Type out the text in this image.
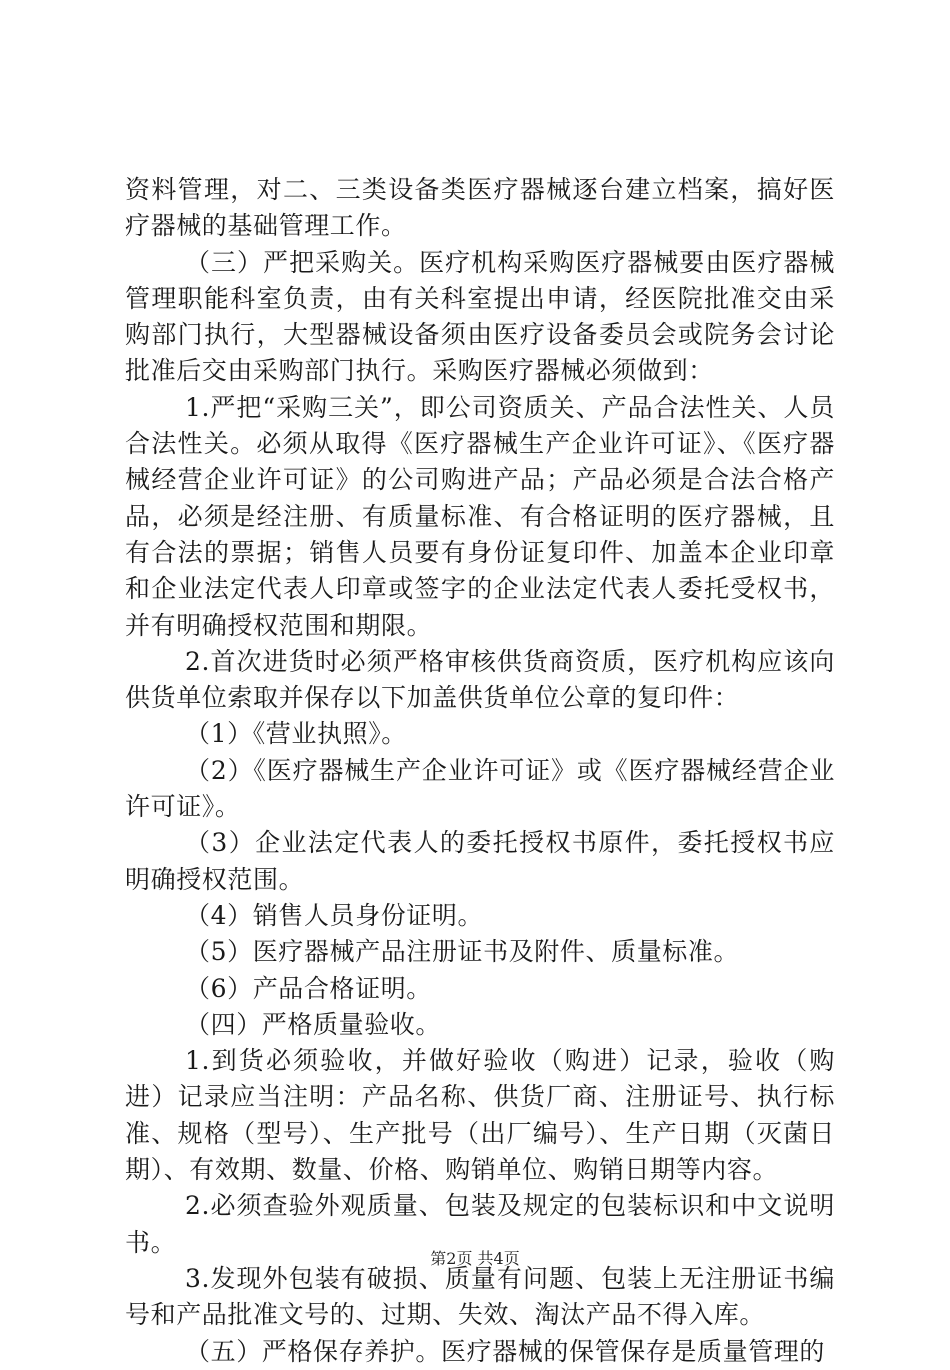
资料管理，对二、三类设备类医疗器械逐台建立档案，搞好医疗器械的基础管理工作。

（三）严把采购关。医疗机构采购医疗器械要由医疗器械管理职能科室负责，由有关科室提出申请，经医院批准交由采购部门执行，大型器械设备须由医疗设备委员会或院务会讨论批准后交由采购部门执行。采购医疗器械必须做到：

1.严把“采购三关”，即公司资质关、产品合法性关、人员合法性关。必须从取得《医疗器械生产企业许可证》、《医疗器械经营企业许可证》的公司购进产品；产品必须是合法合格产品，必须是经注册、有质量标准、有合格证明的医疗器械，且有合法的票据；销售人员要有身份证复印件、加盖本企业印章和企业法定代表人印章或签字的企业法定代表人委托受权书，并有明确授权范围和期限。

2.首次进货时必须严格审核供货商资质，医疗机构应该向供货单位索取并保存以下加盖供货单位公章的复印件：

（1）《营业执照》。

（2）《医疗器械生产企业许可证》或《医疗器械经营企业许可证》。

（3）企业法定代表人的委托授权书原件，委托授权书应明确授权范围。

（4）销售人员身份证明。

（5）医疗器械产品注册证书及附件、质量标准。

（6）产品合格证明。

（四）严格质量验收。

1.到货必须验收，并做好验收（购进）记录，验收（购进）记录应当注明：产品名称、供货厂商、注册证号、执行标准、规格（型号）、生产批号（出厂编号）、生产日期（灭菌日期）、有效期、数量、价格、购销单位、购销日期等内容。

2.必须查验外观质量、包装及规定的包装标识和中文说明书。

3.发现外包装有破损、质量有问题、包装上无注册证书编号和产品批准文号的、过期、失效、淘汰产品不得入库。

（五）严格保存养护。医疗器械的保管保存是质量管理的

第2页 共4页
